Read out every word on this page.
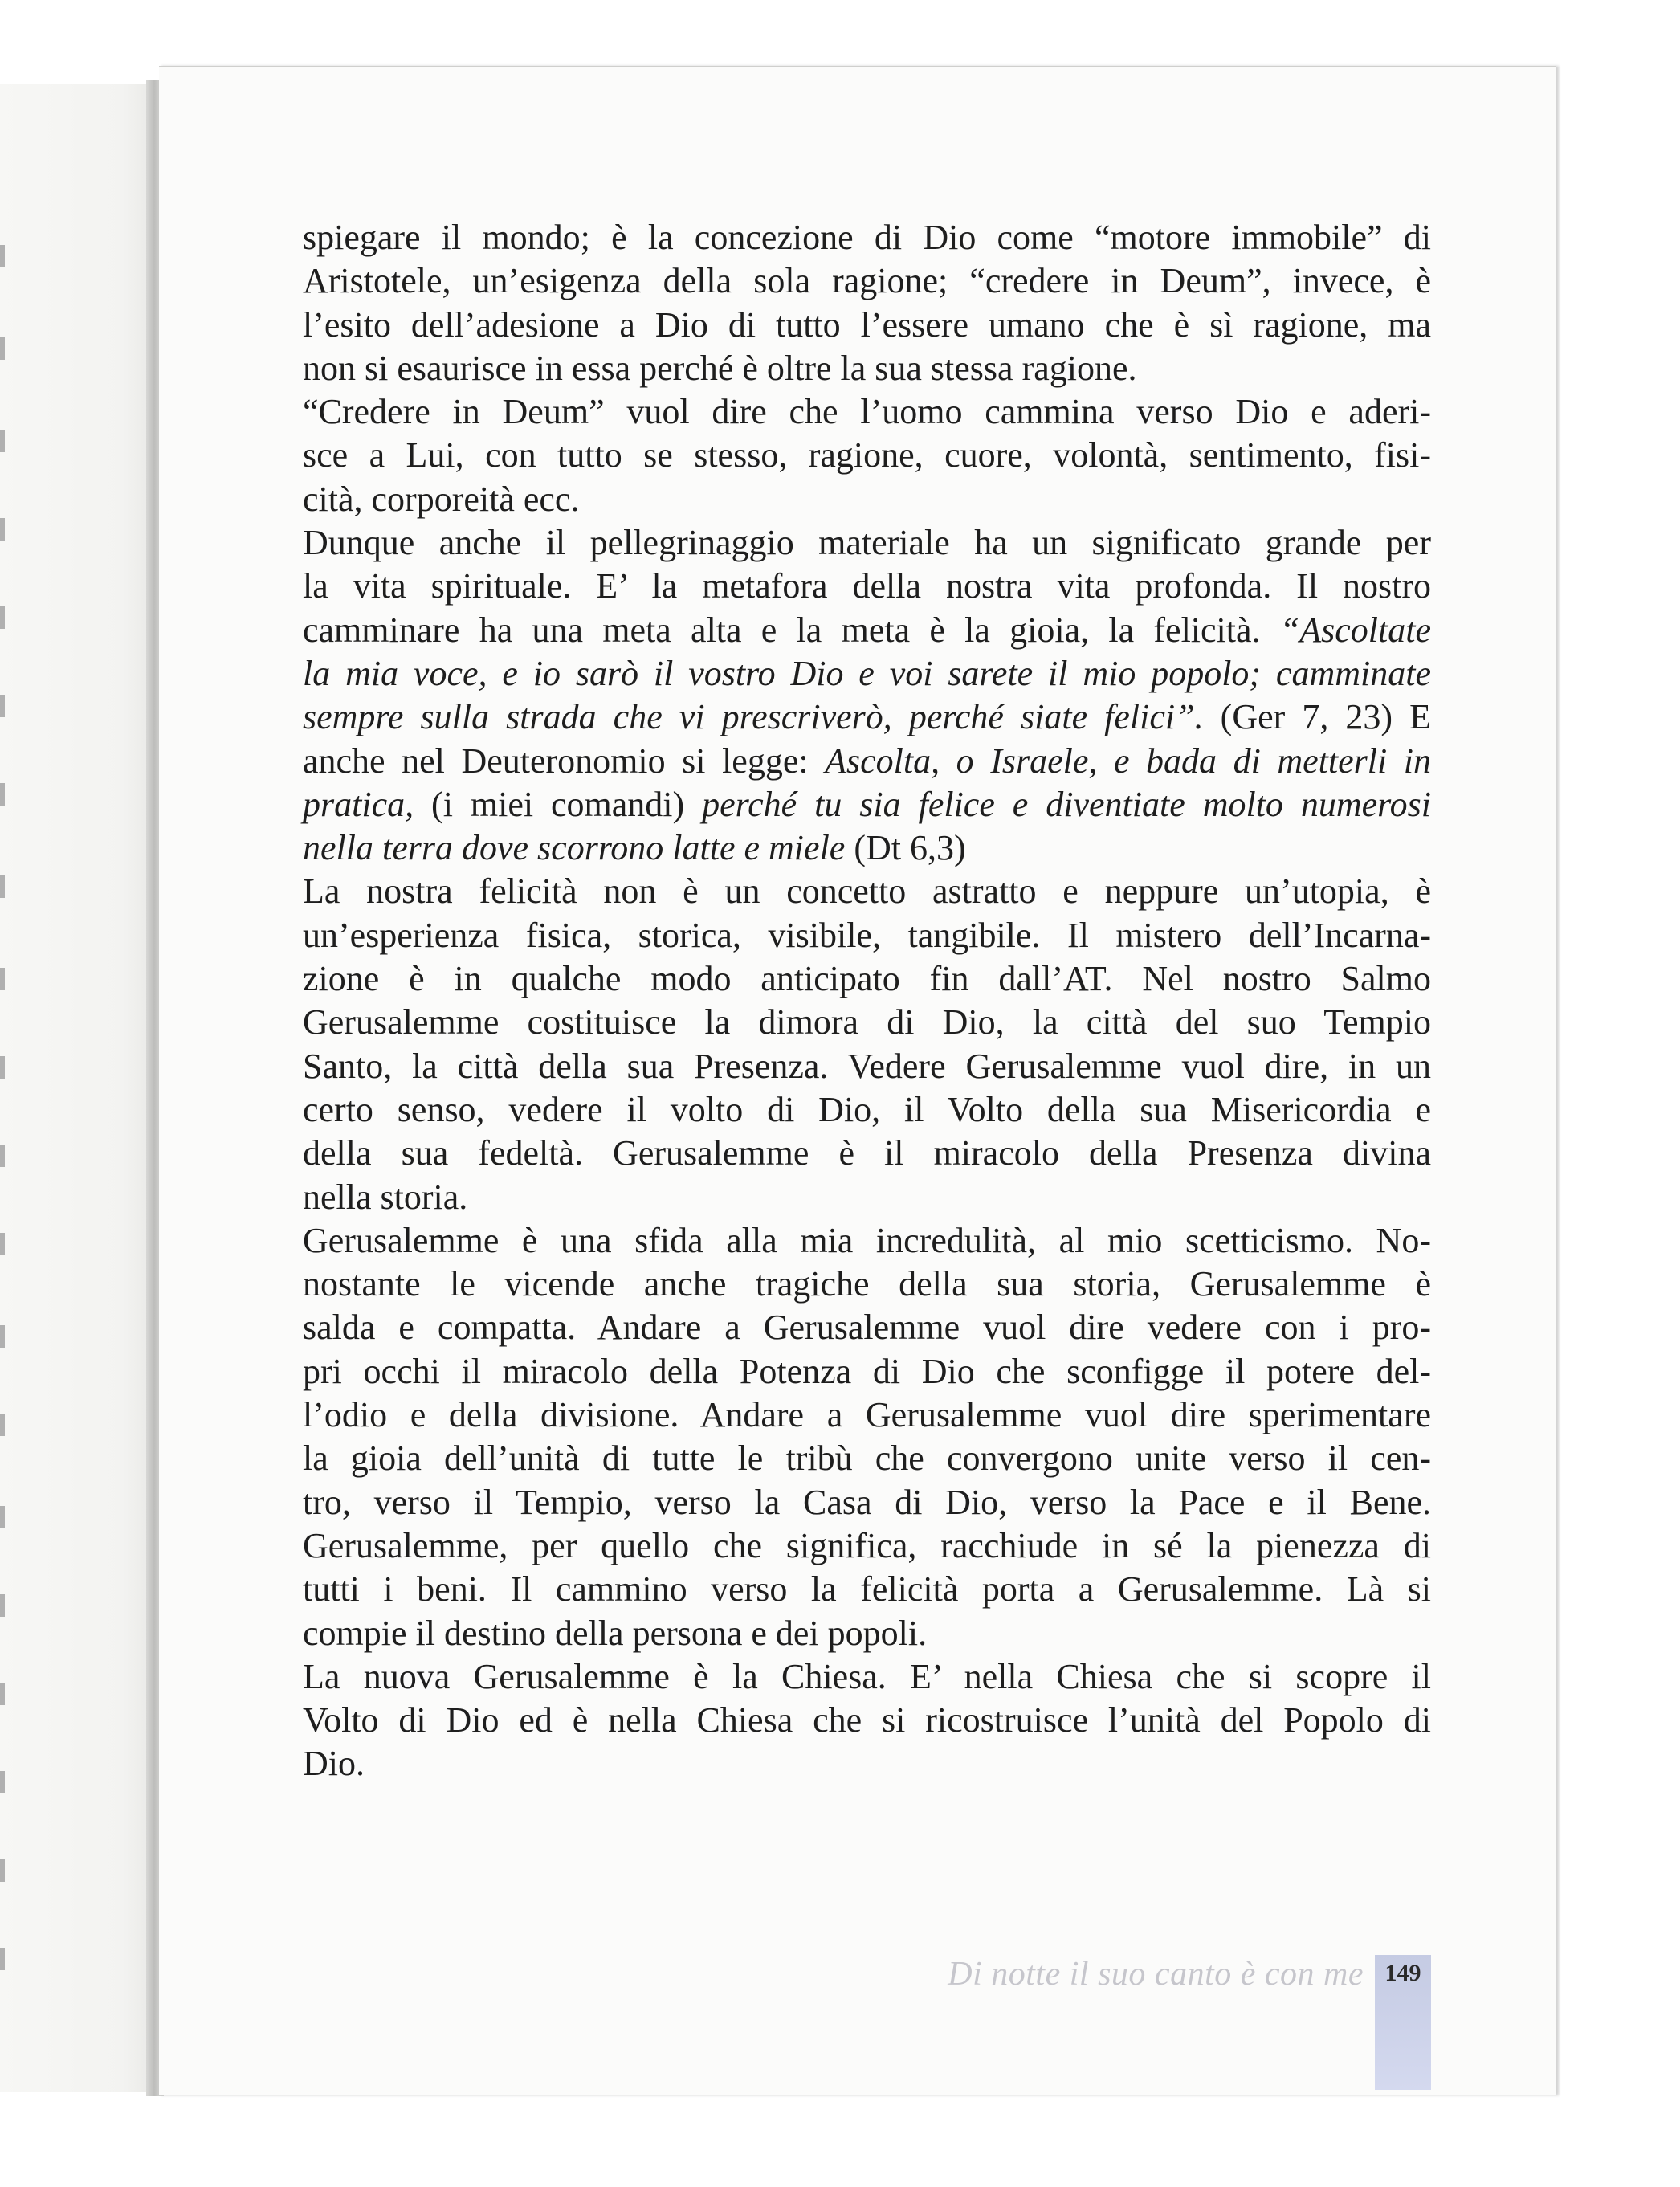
spiegare il mondo; è la concezione di Dio come “motore immobile” di
Aristotele, un’esigenza della sola ragione; “credere in Deum”, invece, è
l’esito dell’adesione a Dio di tutto l’essere umano che è sì ragione, ma
non si esaurisce in essa perché è oltre la sua stessa ragione.
“Credere in Deum” vuol dire che l’uomo cammina verso Dio e aderi-
sce a Lui, con tutto se stesso, ragione, cuore, volontà, sentimento, fisi-
cità, corporeità ecc.
Dunque anche il pellegrinaggio materiale ha un significato grande per
la vita spirituale. E’ la metafora della nostra vita profonda. Il nostro
camminare ha una meta alta e la meta è la gioia, la felicità. “Ascoltate
la mia voce, e io sarò il vostro Dio e voi sarete il mio popolo; camminate
sempre sulla strada che vi prescriverò, perché siate felici”. (Ger 7, 23) E
anche nel Deuteronomio si legge: Ascolta, o Israele, e bada di metterli in
pratica, (i miei comandi) perché tu sia felice e diventiate molto numerosi
nella terra dove scorrono latte e miele (Dt 6,3)
La nostra felicità non è un concetto astratto e neppure un’utopia, è
un’esperienza fisica, storica, visibile, tangibile. Il mistero dell’Incarna-
zione è in qualche modo anticipato fin dall’AT. Nel nostro Salmo
Gerusalemme costituisce la dimora di Dio, la città del suo Tempio
Santo, la città della sua Presenza. Vedere Gerusalemme vuol dire, in un
certo senso, vedere il volto di Dio, il Volto della sua Misericordia e
della sua fedeltà. Gerusalemme è il miracolo della Presenza divina
nella storia.
Gerusalemme è una sfida alla mia incredulità, al mio scetticismo. No-
nostante le vicende anche tragiche della sua storia, Gerusalemme è
salda e compatta. Andare a Gerusalemme vuol dire vedere con i pro-
pri occhi il miracolo della Potenza di Dio che sconfigge il potere del-
l’odio e della divisione. Andare a Gerusalemme vuol dire sperimentare
la gioia dell’unità di tutte le tribù che convergono unite verso il cen-
tro, verso il Tempio, verso la Casa di Dio, verso la Pace e il Bene.
Gerusalemme, per quello che significa, racchiude in sé la pienezza di
tutti i beni. Il cammino verso la felicità porta a Gerusalemme. Là si
compie il destino della persona e dei popoli.
La nuova Gerusalemme è la Chiesa. E’ nella Chiesa che si scopre il
Volto di Dio ed è nella Chiesa che si ricostruisce l’unità del Popolo di
Dio.
Di notte il suo canto è con me 149
